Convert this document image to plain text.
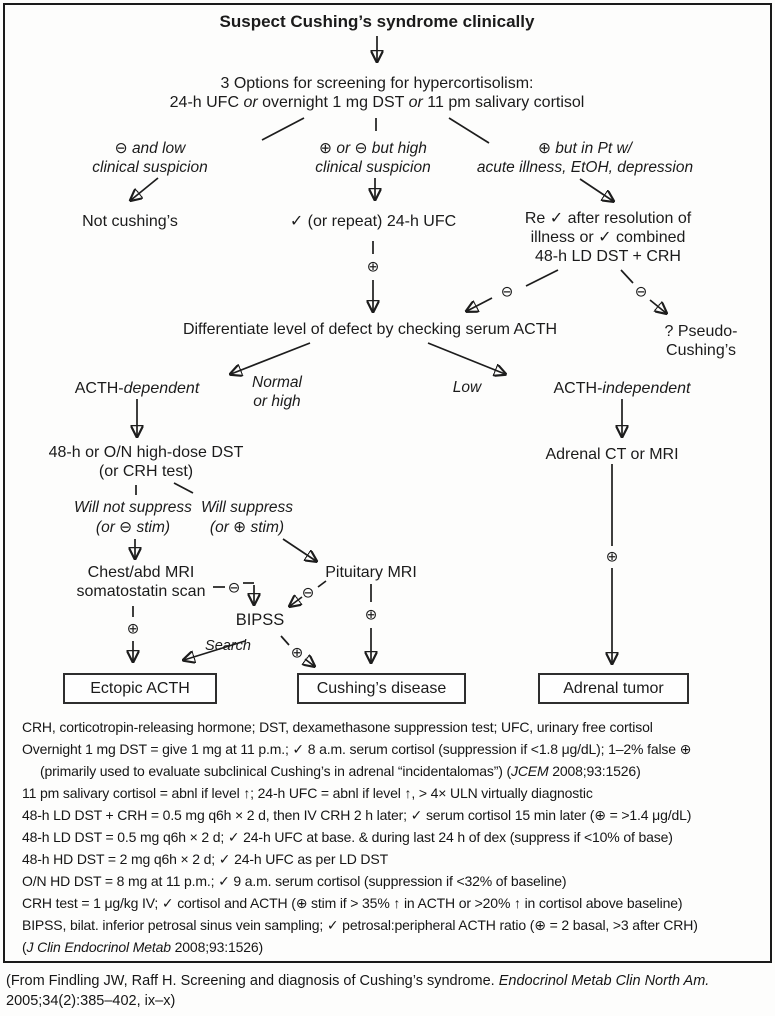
Suspect Cushing’s syndrome clinically
3 Options for screening for hypercortisolism:
24-h UFC or overnight 1 mg DST or 11 pm salivary cortisol
⊖ and low
clinical suspicion
⊕ or ⊖ but high
clinical suspicion
⊕ but in Pt w/
acute illness, EtOH, depression
Not cushing’s	✓ (or repeat) 24-h UFC	Re ✓ after resolution of
illness or ✓ combined
48-h LD DST + CRH
⊕
⊖	⊖
Differentiate level of defect by checking serum ACTH	? Pseudo-
Cushing’s
Normal
or high
Low
ACTH-dependent	ACTH-independent
48-h or O/N high-dose DST
(or CRH test)
Adrenal CT or MRI
Will not suppress
(or ⊖ stim)
Will suppress
(or ⊕ stim)
Chest/abd MRI
somatostatin scan
Pituitary MRI
⊖	⊖
⊕
⊕
⊕
⊕
BIPSS
Search
Ectopic ACTH	Cushing’s disease	Adrenal tumor
CRH, corticotropin-releasing hormone; DST, dexamethasone suppression test; UFC, urinary free cortisol
Overnight 1 mg DST = give 1 mg at 11 p.m.; ✓ 8 a.m. serum cortisol (suppression if <1.8 μg/dL); 1–2% false ⊕
(primarily used to evaluate subclinical Cushing’s in adrenal “incidentalomas”) (JCEM 2008;93:1526)
11 pm salivary cortisol = abnl if level ↑; 24-h UFC = abnl if level ↑, > 4× ULN virtually diagnostic
48-h LD DST + CRH = 0.5 mg q6h × 2 d, then IV CRH 2 h later; ✓ serum cortisol 15 min later (⊕ = >1.4 μg/dL)
48-h LD DST = 0.5 mg q6h × 2 d; ✓ 24-h UFC at base. & during last 24 h of dex (suppress if <10% of base)
48-h HD DST = 2 mg q6h × 2 d; ✓ 24-h UFC as per LD DST
O/N HD DST = 8 mg at 11 p.m.; ✓ 9 a.m. serum cortisol (suppression if <32% of baseline)
CRH test = 1 μg/kg IV; ✓ cortisol and ACTH (⊕ stim if > 35% ↑ in ACTH or >20% ↑ in cortisol above baseline)
BIPSS, bilat. inferior petrosal sinus vein sampling; ✓ petrosal:peripheral ACTH ratio (⊕ = 2 basal, >3 after CRH)
(J Clin Endocrinol Metab 2008;93:1526)
(From Findling JW, Raff H. Screening and diagnosis of Cushing’s syndrome. Endocrinol Metab Clin North Am. 2005;34(2):385–402, ix–x)
